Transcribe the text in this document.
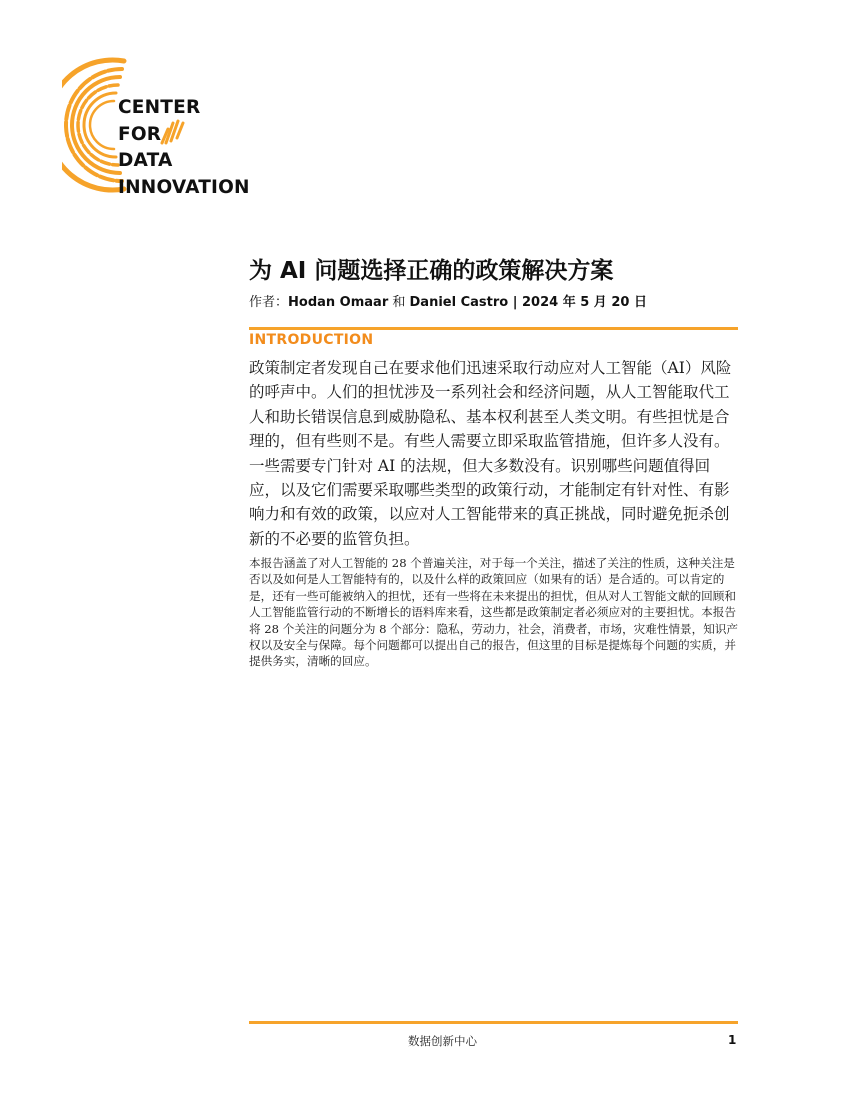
CENTER
FOR
DATA
INNOVATION
为 AI 问题选择正确的政策解决方案
作者：Hodan Omaar 和 Daniel Castro | 2024 年 5 月 20 日
INTRODUCTION

政策制定者发现自己在要求他们迅速采取行动应对人工智能（AI）风险的呼声中。人们的担忧涉及一系列社会和经济问题，从人工智能取代工人和助长错误信息到威胁隐私、基本权利甚至人类文明。有些担忧是合理的，但有些则不是。有些人需要立即采取监管措施，但许多人没有。一些需要专门针对 AI 的法规，但大多数没有。识别哪些问题值得回应，以及它们需要采取哪些类型的政策行动，才能制定有针对性、有影响力和有效的政策，以应对人工智能带来的真正挑战，同时避免扼杀创新的不必要的监管负担。

本报告涵盖了对人工智能的 28 个普遍关注，对于每一个关注，描述了关注的性质，这种关注是否以及如何是人工智能特有的，以及什么样的政策回应（如果有的话）是合适的。可以肯定的是，还有一些可能被纳入的担忧，还有一些将在未来提出的担忧，但从对人工智能文献的回顾和人工智能监管行动的不断增长的语料库来看，这些都是政策制定者必须应对的主要担忧。本报告将 28 个关注的问题分为 8 个部分：隐私，劳动力，社会，消费者，市场，灾难性情景，知识产权以及安全与保障。每个问题都可以提出自己的报告，但这里的目标是提炼每个问题的实质，并提供务实，清晰的回应。

数据创新中心	1
